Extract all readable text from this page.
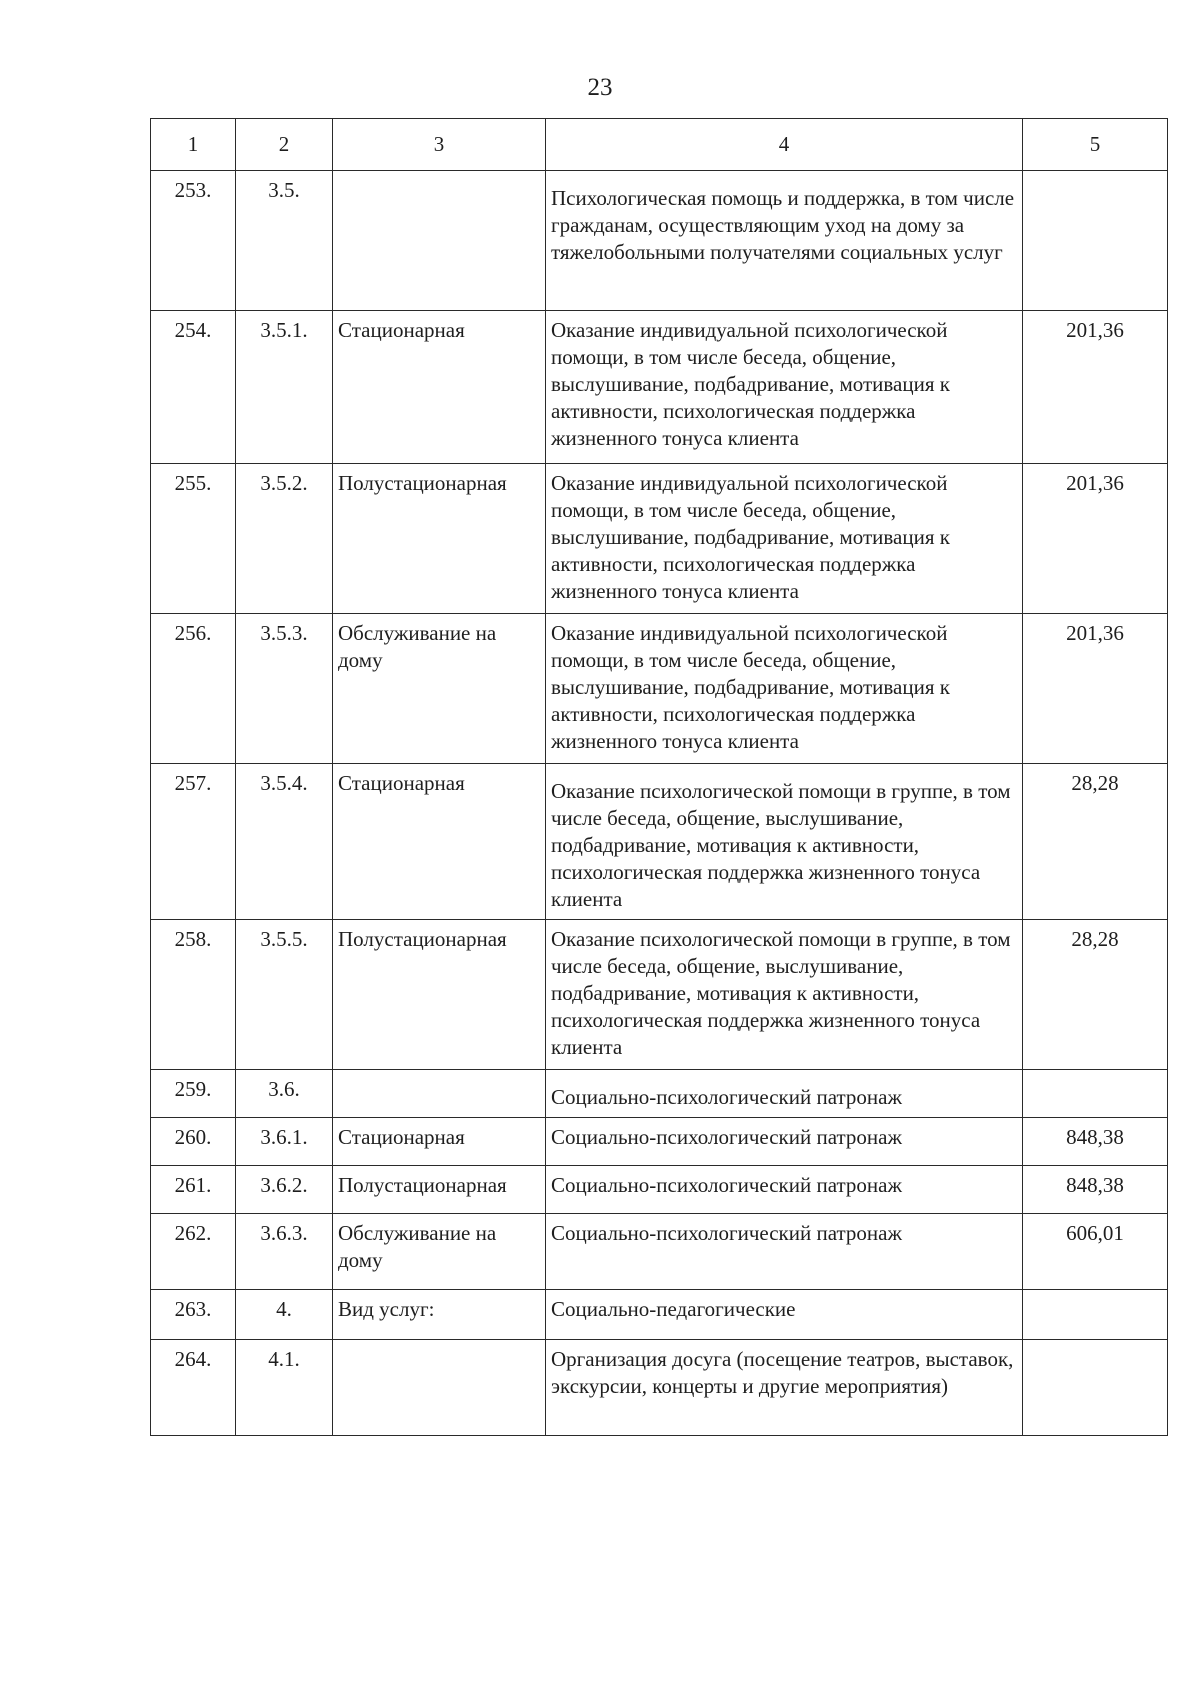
23
1	2	3	4	5
253.	3.5.		Психологическая помощь и поддержка, в том числе гражданам, осуществляющим уход на дому за тяжелобольными получателями социальных услуг	
254.	3.5.1.	Стационарная	Оказание индивидуальной психологической помощи, в том числе беседа, общение, выслушивание, подбадривание, мотивация к активности, психологическая поддержка жизненного тонуса клиента	201,36
255.	3.5.2.	Полустационарная	Оказание индивидуальной психологической помощи, в том числе беседа, общение, выслушивание, подбадривание, мотивация к активности, психологическая поддержка жизненного тонуса клиента	201,36
256.	3.5.3.	Обслуживание на дому	Оказание индивидуальной психологической помощи, в том числе беседа, общение, выслушивание, подбадривание, мотивация к активности, психологическая поддержка жизненного тонуса клиента	201,36
257.	3.5.4.	Стационарная	Оказание психологической помощи в группе, в том числе беседа, общение, выслушивание, подбадривание, мотивация к активности, психологическая поддержка жизненного тонуса клиента	28,28
258.	3.5.5.	Полустационарная	Оказание психологической помощи в группе, в том числе беседа, общение, выслушивание, подбадривание, мотивация к активности, психологическая поддержка жизненного тонуса клиента	28,28
259.	3.6.		Социально-психологический патронаж	
260.	3.6.1.	Стационарная	Социально-психологический патронаж	848,38
261.	3.6.2.	Полустационарная	Социально-психологический патронаж	848,38
262.	3.6.3.	Обслуживание на дому	Социально-психологический патронаж	606,01
263.	4.	Вид услуг:	Социально-педагогические	
264.	4.1.		Организация досуга (посещение театров, выставок, экскурсии, концерты и другие мероприятия)	
